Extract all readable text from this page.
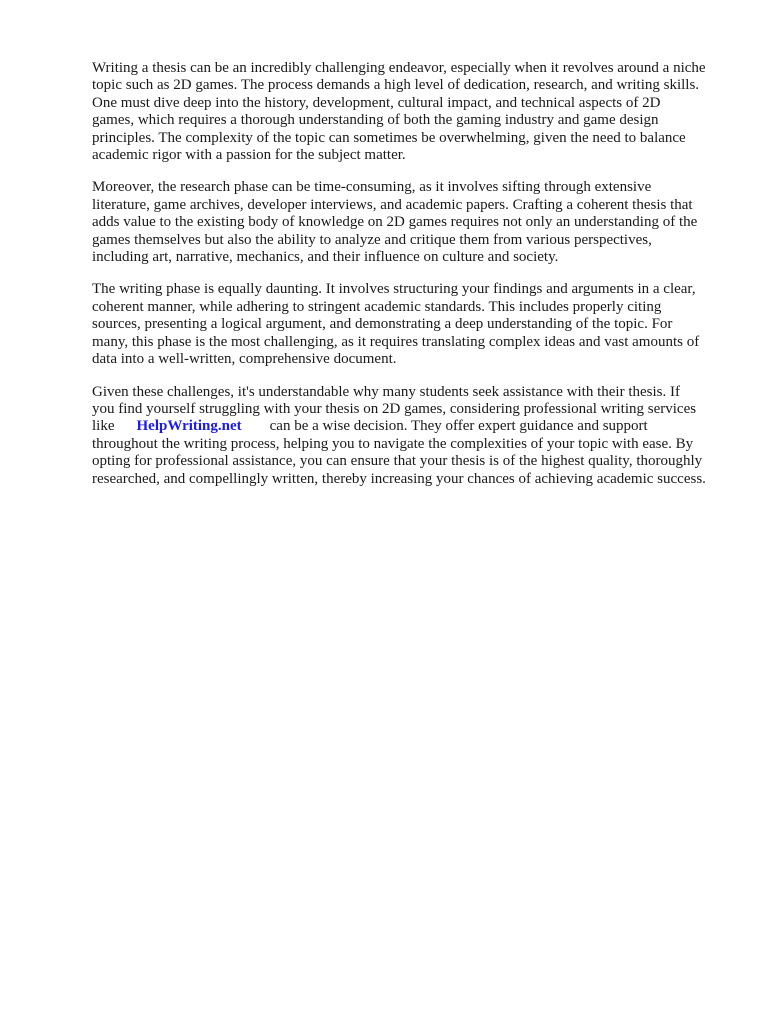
Writing a thesis can be an incredibly challenging endeavor, especially when it revolves around a niche
topic such as 2D games. The process demands a high level of dedication, research, and writing skills.
One must dive deep into the history, development, cultural impact, and technical aspects of 2D
games, which requires a thorough understanding of both the gaming industry and game design
principles. The complexity of the topic can sometimes be overwhelming, given the need to balance
academic rigor with a passion for the subject matter.

Moreover, the research phase can be time-consuming, as it involves sifting through extensive
literature, game archives, developer interviews, and academic papers. Crafting a coherent thesis that
adds value to the existing body of knowledge on 2D games requires not only an understanding of the
games themselves but also the ability to analyze and critique them from various perspectives,
including art, narrative, mechanics, and their influence on culture and society.

The writing phase is equally daunting. It involves structuring your findings and arguments in a clear,
coherent manner, while adhering to stringent academic standards. This includes properly citing
sources, presenting a logical argument, and demonstrating a deep understanding of the topic. For
many, this phase is the most challenging, as it requires translating complex ideas and vast amounts of
data into a well-written, comprehensive document.

Given these challenges, it's understandable why many students seek assistance with their thesis. If
you find yourself struggling with your thesis on 2D games, considering professional writing services
like HelpWriting.net can be a wise decision. They offer expert guidance and support
throughout the writing process, helping you to navigate the complexities of your topic with ease. By
opting for professional assistance, you can ensure that your thesis is of the highest quality, thoroughly
researched, and compellingly written, thereby increasing your chances of achieving academic success.
